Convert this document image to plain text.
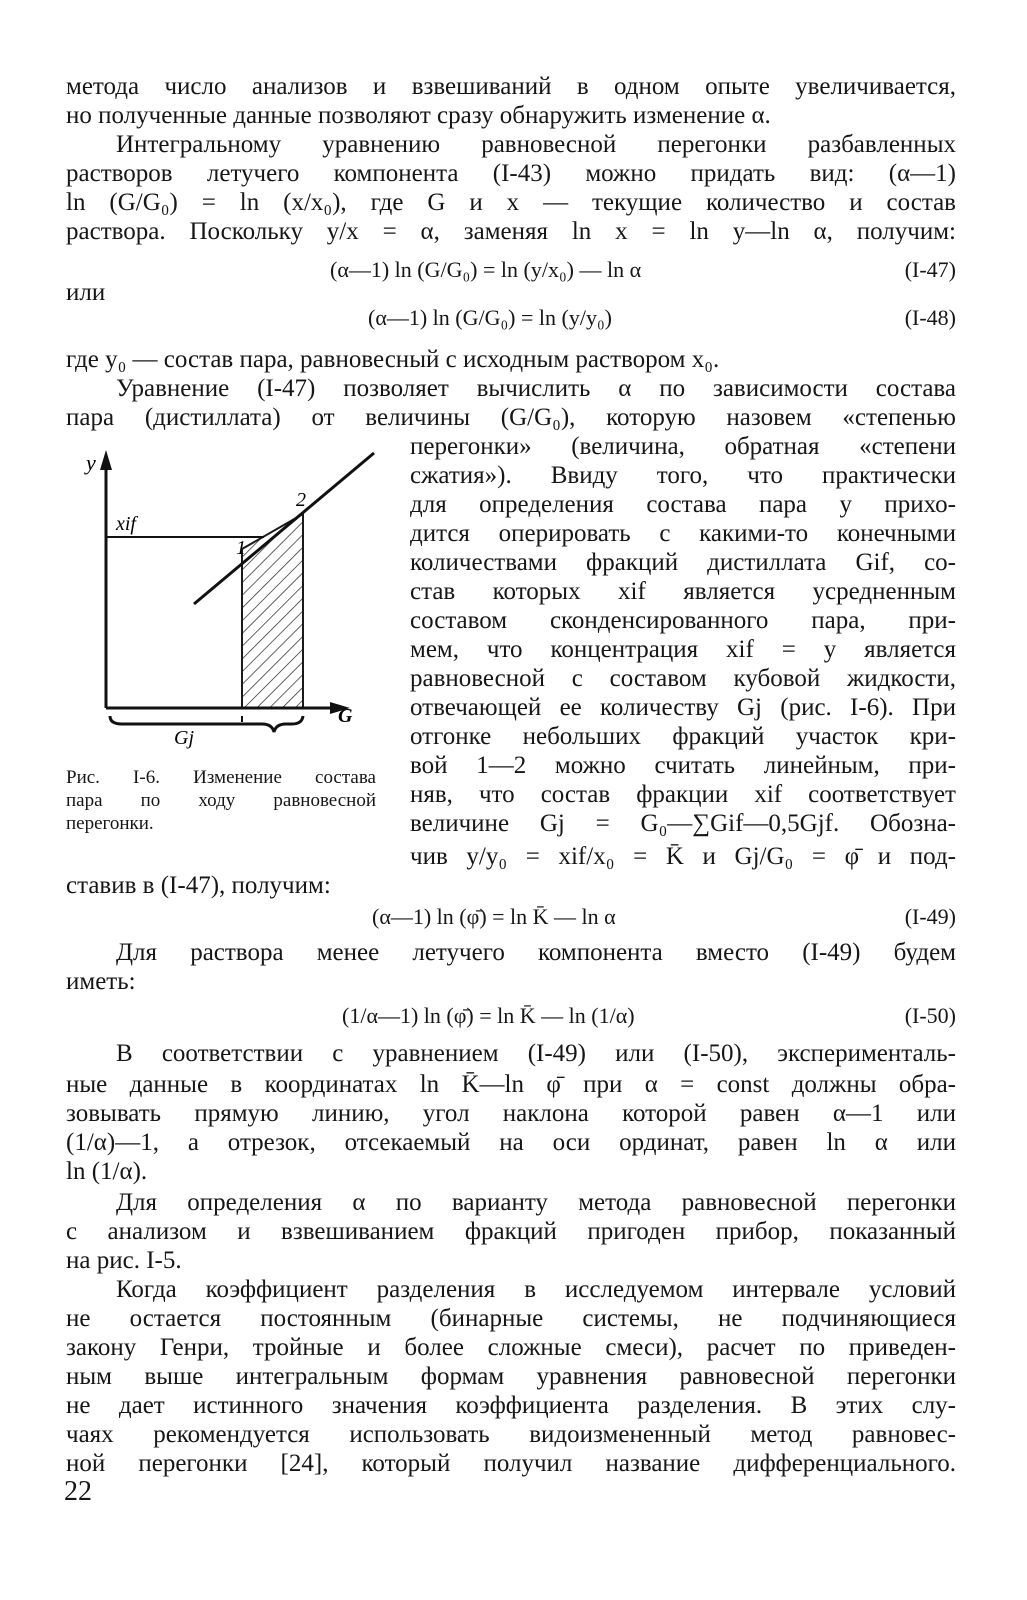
метода число анализов и взвешиваний в одном опыте увеличивается,
но полученные данные позволяют сразу обнаружить изменение α.
Интегральному уравнению равновесной перегонки разбавленных
растворов летучего компонента (I-43) можно придать вид: (α—1)
ln (G/G₀) = ln (x/x₀), где G и x — текущие количество и состав
раствора. Поскольку y/x = α, заменяя ln x = ln y—ln α, получим:
(α—1) ln (G/G₀) = ln (y/x₀) — ln α	(I-47)
или
(α—1) ln (G/G₀) = ln (y/y₀)	(I-48)
где y₀ — состав пара, равновесный с исходным раствором x₀.
Уравнение (I-47) позволяет вычислить α по зависимости состава
пара (дистиллата) от величины (G/G₀), которую назовем «степенью
перегонки» (величина, обратная «степени
сжатия»). Ввиду того, что практически
для определения состава пара y прихо-
дится оперировать с какими-то конечными
количествами фракций дистиллата Gif, со-
став которых xif является усредненным
составом сконденсированного пара, при-
мем, что концентрация xif = y является
равновесной с составом кубовой жидкости,
отвечающей ее количеству Gj (рис. I-6). При
отгонке небольших фракций участок кри-
вой 1—2 можно считать линейным, при-
няв, что состав фракции xif соответствует
величине Gj = G₀—∑Gif—0,5Gjf. Обозна-
чив y/y₀ = xif/x₀ = K̄ и Gj/G₀ = φ̄ и под-
ставив в (I-47), получим:
y
xif
1
2
G
Gj
Рис. I-6. Изменение состава
пара по ходу равновесной
перегонки.
(α—1) ln (φ̄) = ln K̄ — ln α	(I-49)
Для раствора менее летучего компонента вместо (I-49) будем
иметь:
(1/α—1) ln (φ̄) = ln K̄ — ln (1/α)	(I-50)
В соответствии с уравнением (I-49) или (I-50), эксперименталь-
ные данные в координатах ln K̄—ln φ̄ при α = const должны обра-
зовывать прямую линию, угол наклона которой равен α—1 или
(1/α)—1, а отрезок, отсекаемый на оси ординат, равен ln α или
ln (1/α).
Для определения α по варианту метода равновесной перегонки
с анализом и взвешиванием фракций пригоден прибор, показанный
на рис. I-5.
Когда коэффициент разделения в исследуемом интервале условий
не остается постоянным (бинарные системы, не подчиняющиеся
закону Генри, тройные и более сложные смеси), расчет по приведен-
ным выше интегральным формам уравнения равновесной перегонки
не дает истинного значения коэффициента разделения. В этих слу-
чаях рекомендуется использовать видоизмененный метод равновес-
ной перегонки [24], который получил название дифференциального.
22
